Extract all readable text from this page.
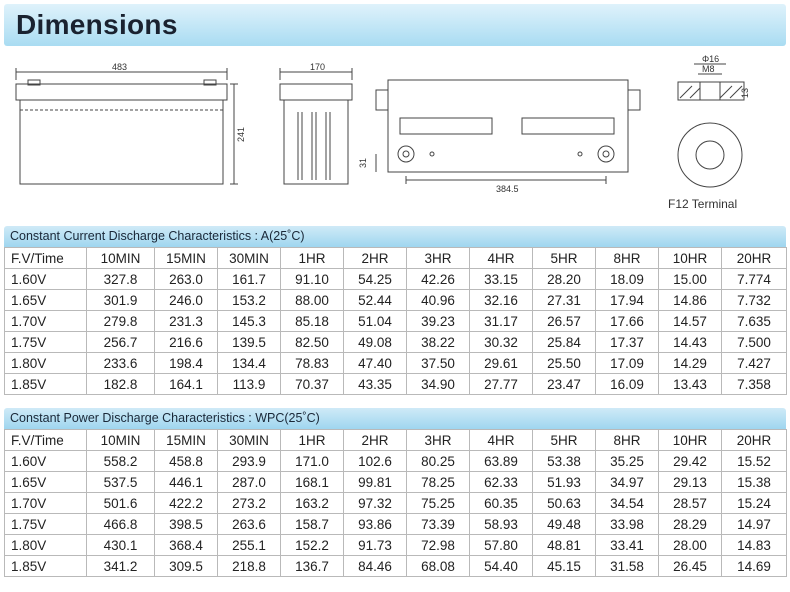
Dimensions
483
241
170
31
384.5
Φ16
M8
13
F12 Terminal
Constant Current Discharge Characteristics : A(25˚C)
F.V/Time	10MIN	15MIN	30MIN	1HR	2HR	3HR	4HR	5HR	8HR	10HR	20HR
1.60V	327.8	263.0	161.7	91.10	54.25	42.26	33.15	28.20	18.09	15.00	7.774
1.65V	301.9	246.0	153.2	88.00	52.44	40.96	32.16	27.31	17.94	14.86	7.732
1.70V	279.8	231.3	145.3	85.18	51.04	39.23	31.17	26.57	17.66	14.57	7.635
1.75V	256.7	216.6	139.5	82.50	49.08	38.22	30.32	25.84	17.37	14.43	7.500
1.80V	233.6	198.4	134.4	78.83	47.40	37.50	29.61	25.50	17.09	14.29	7.427
1.85V	182.8	164.1	113.9	70.37	43.35	34.90	27.77	23.47	16.09	13.43	7.358
Constant Power Discharge Characteristics : WPC(25˚C)
F.V/Time	10MIN	15MIN	30MIN	1HR	2HR	3HR	4HR	5HR	8HR	10HR	20HR
1.60V	558.2	458.8	293.9	171.0	102.6	80.25	63.89	53.38	35.25	29.42	15.52
1.65V	537.5	446.1	287.0	168.1	99.81	78.25	62.33	51.93	34.97	29.13	15.38
1.70V	501.6	422.2	273.2	163.2	97.32	75.25	60.35	50.63	34.54	28.57	15.24
1.75V	466.8	398.5	263.6	158.7	93.86	73.39	58.93	49.48	33.98	28.29	14.97
1.80V	430.1	368.4	255.1	152.2	91.73	72.98	57.80	48.81	33.41	28.00	14.83
1.85V	341.2	309.5	218.8	136.7	84.46	68.08	54.40	45.15	31.58	26.45	14.69
